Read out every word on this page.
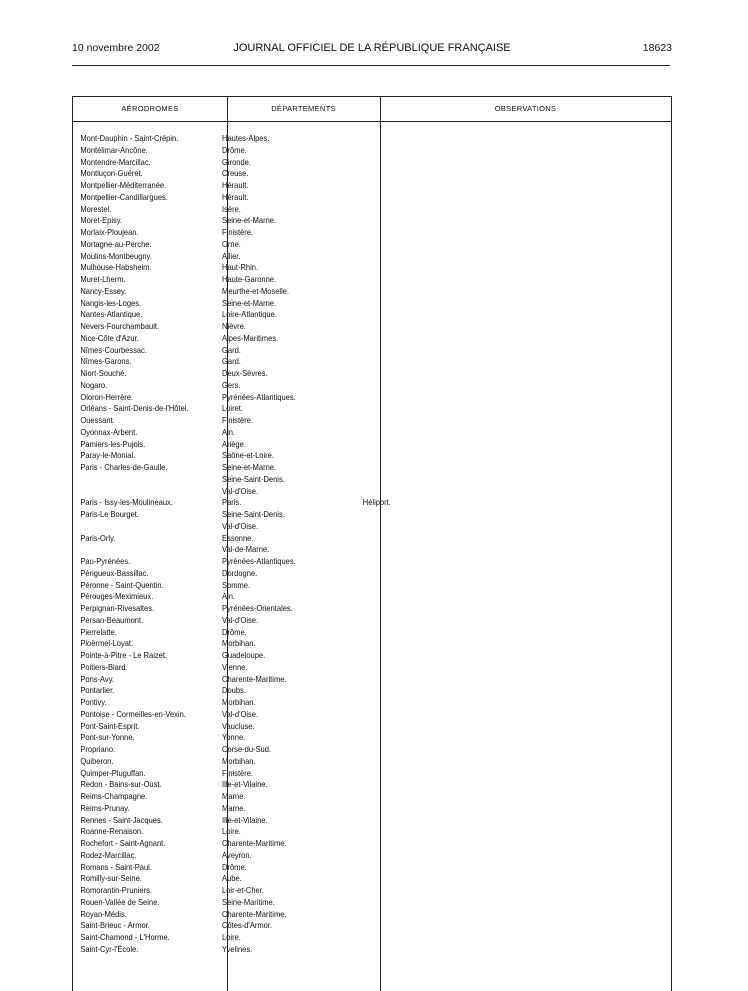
10 novembre 2002	JOURNAL OFFICIEL DE LA RÉPUBLIQUE FRANÇAISE	18623
AÉRODROMES	DÉPARTEMENTS	OBSERVATIONS
Mont-Dauphin - Saint-Crépin.	Hautes-Alpes.
Montélimar-Ancône.	Drôme.
Montendre-Marcillac.	Gironde.
Montluçon-Guéret.	Creuse.
Montpellier-Méditerranée.	Hérault.
Montpellier-Candillargues.	Hérault.
Morestel.	Isère.
Moret-Episy.	Seine-et-Marne.
Morlaix-Ploujean.	Finistère.
Mortagne-au-Perche.	Orne.
Moulins-Montbeugny.	Allier.
Mulhouse-Habsheim.	Haut-Rhin.
Muret-Lherm.	Haute-Garonne.
Nancy-Essey.	Meurthe-et-Moselle.
Nangis-les-Loges.	Seine-et-Marne.
Nantes-Atlantique.	Loire-Atlantique.
Nevers-Fourchambault.	Nièvre.
Nice-Côte d'Azur.	Alpes-Maritimes.
Nîmes-Courbessac.	Gard.
Nîmes-Garons.	Gard.
Niort-Souché.	Deux-Sèvres.
Nogaro.	Gers.
Oloron-Herrère.	Pyrénées-Atlantiques.
Orléans - Saint-Denis-de-l'Hôtel.	Loiret.
Ouessant.	Finistère.
Oyonnax-Arbent.	Ain.
Pamiers-les-Pujols.	Ariège.
Paray-le-Monial.	Saône-et-Loire.
Paris - Charles-de-Gaulle.	Seine-et-Marne.
Seine-Saint-Denis.
Val-d'Oise.
Paris - Issy-les-Moulineaux.	Paris.	Héliport.
Paris-Le Bourget.	Seine-Saint-Denis.
Val-d'Oise.
Paris-Orly.	Essonne.
Val-de-Marne.
Pau-Pyrénées.	Pyrénées-Atlantiques.
Périgueux-Bassillac.	Dordogne.
Péronne - Saint-Quentin.	Somme.
Pérouges-Meximieux.	Ain.
Perpignan-Rivesaltes.	Pyrénées-Orientales.
Persan-Beaumont.	Val-d'Oise.
Pierrelatte.	Drôme.
Ploërmel-Loyat.	Morbihan.
Pointe-à-Pitre - Le Raizet.	Guadeloupe.
Poitiers-Biard.	Vienne.
Pons-Avy.	Charente-Maritime.
Pontarlier.	Doubs.
Pontivy.	Morbihan.
Pontoise - Cormeilles-en-Vexin.	Val-d'Oise.
Pont-Saint-Esprit.	Vaucluse.
Pont-sur-Yonne.	Yonne.
Propriano.	Corse-du-Sud.
Quiberon.	Morbihan.
Quimper-Pluguffan.	Finistère.
Redon - Bains-sur-Oust.	Ille-et-Vilaine.
Reims-Champagne.	Marne.
Reims-Prunay.	Marne.
Rennes - Saint-Jacques.	Ille-et-Vilaine.
Roanne-Renaison.	Loire.
Rochefort - Saint-Agnant.	Charente-Maritime.
Rodez-Marcillac.	Aveyron.
Romans - Saint-Paul.	Drôme.
Romilly-sur-Seine.	Aube.
Romorantin-Pruniers.	Loir-et-Cher.
Rouen-Vallée de Seine.	Seine-Maritime.
Royan-Médis.	Charente-Maritime.
Saint-Brieuc - Armor.	Côtes-d'Armor.
Saint-Chamond - L'Horme.	Loire.
Saint-Cyr-l'École.	Yvelines.
